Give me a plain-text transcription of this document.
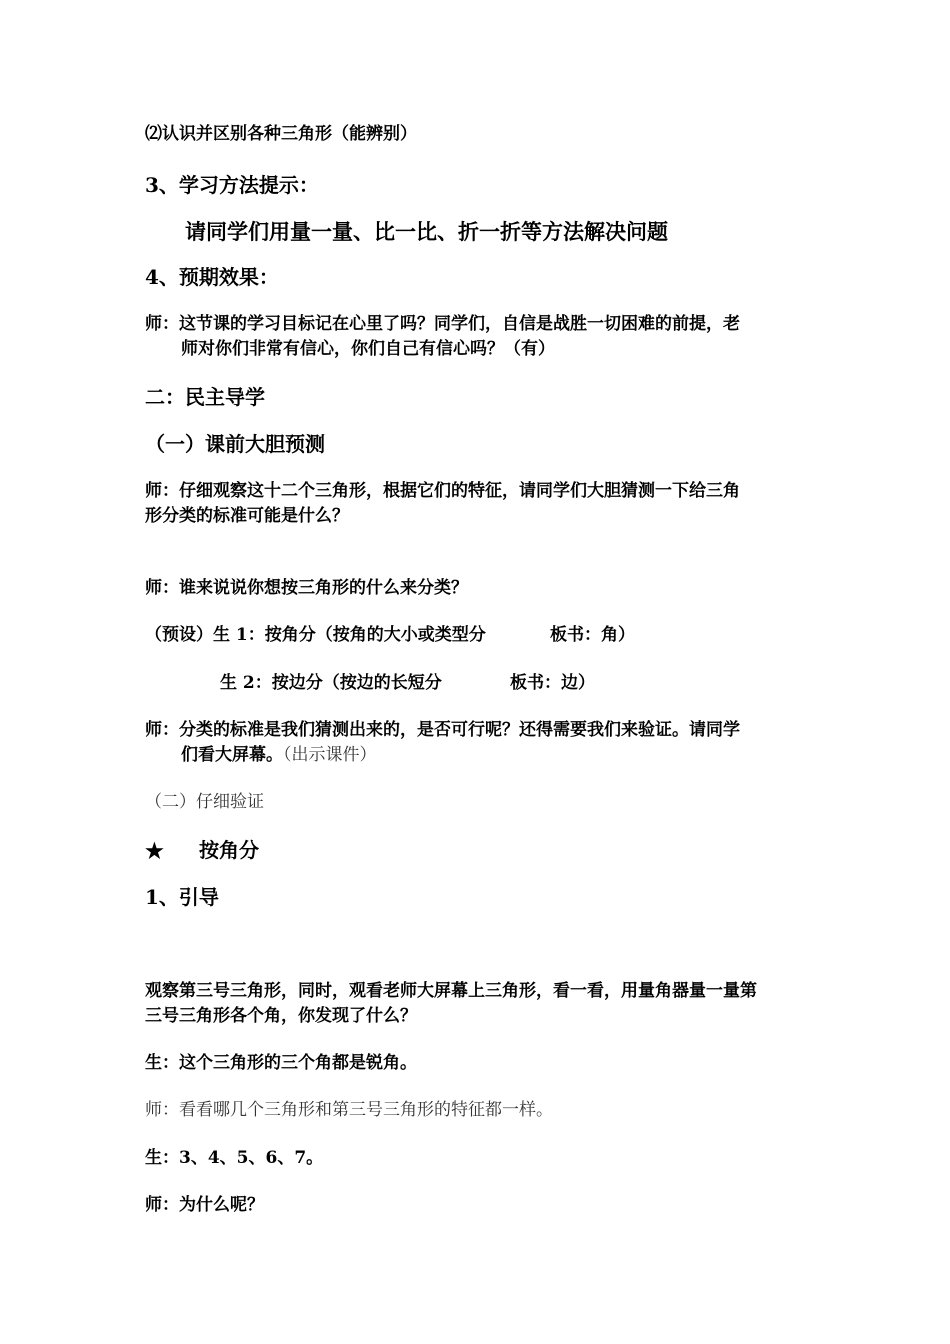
⑵认识并区别各种三角形（能辨别）
3、学习方法提示：
请同学们用量一量、比一比、折一折等方法解决问题
4、预期效果：
师：这节课的学习目标记在心里了吗？同学们，自信是战胜一切困难的前提，老
师对你们非常有信心，你们自己有信心吗？（有）
二：民主导学
（一）课前大胆预测
师：仔细观察这十二个三角形，根据它们的特征，请同学们大胆猜测一下给三角
形分类的标准可能是什么？
师：谁来说说你想按三角形的什么来分类？
（预设）生 1：按角分（按角的大小或类型分	板书：角）
生 2：按边分（按边的长短分	板书：边）
师：分类的标准是我们猜测出来的，是否可行呢？还得需要我们来验证。请同学
们看大屏幕。（出示课件）
（二）仔细验证
★ 按角分
1、引导
观察第三号三角形，同时，观看老师大屏幕上三角形，看一看，用量角器量一量第
三号三角形各个角，你发现了什么？
生：这个三角形的三个角都是锐角。
师：看看哪几个三角形和第三号三角形的特征都一样。
生：3、4、5、6、7。
师：为什么呢？
